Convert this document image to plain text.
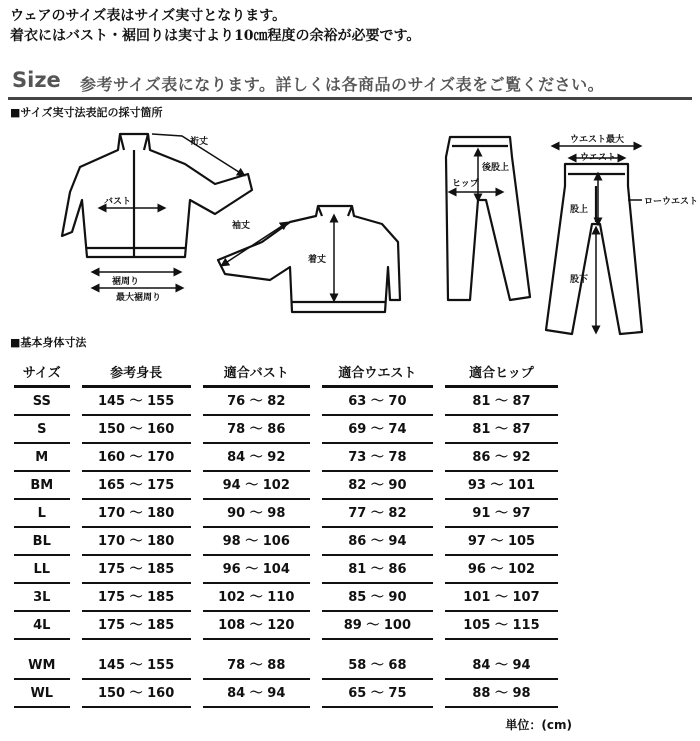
ウェアのサイズ表はサイズ実寸となります。
着衣にはバスト・裾回りは実寸より10㎝程度の余裕が必要です。
Size 参考サイズ表になります。詳しくは各商品のサイズ表をご覧ください。
■サイズ実寸法表記の採寸箇所
裄丈
バスト
裾周り
最大裾周り
袖丈
着丈
ヒップ
後股上
ウエスト最大
ウエスト
ローウエスト
股上
股下
■基本身体寸法
サイズ	参考身長	適合バスト	適合ウエスト	適合ヒップ
SS	145 ～ 155	76 ～ 82	63 ～ 70	81 ～ 87
S	150 ～ 160	78 ～ 86	69 ～ 74	81 ～ 87
M	160 ～ 170	84 ～ 92	73 ～ 78	86 ～ 92
BM	165 ～ 175	94 ～ 102	82 ～ 90	93 ～ 101
L	170 ～ 180	90 ～ 98	77 ～ 82	91 ～ 97
BL	170 ～ 180	98 ～ 106	86 ～ 94	97 ～ 105
LL	175 ～ 185	96 ～ 104	81 ～ 86	96 ～ 102
3L	175 ～ 185	102 ～ 110	85 ～ 90	101 ～ 107
4L	175 ～ 185	108 ～ 120	89 ～ 100	105 ～ 115
WM	145 ～ 155	78 ～ 88	58 ～ 68	84 ～ 94
WL	150 ～ 160	84 ～ 94	65 ～ 75	88 ～ 98
単位：(cm)
